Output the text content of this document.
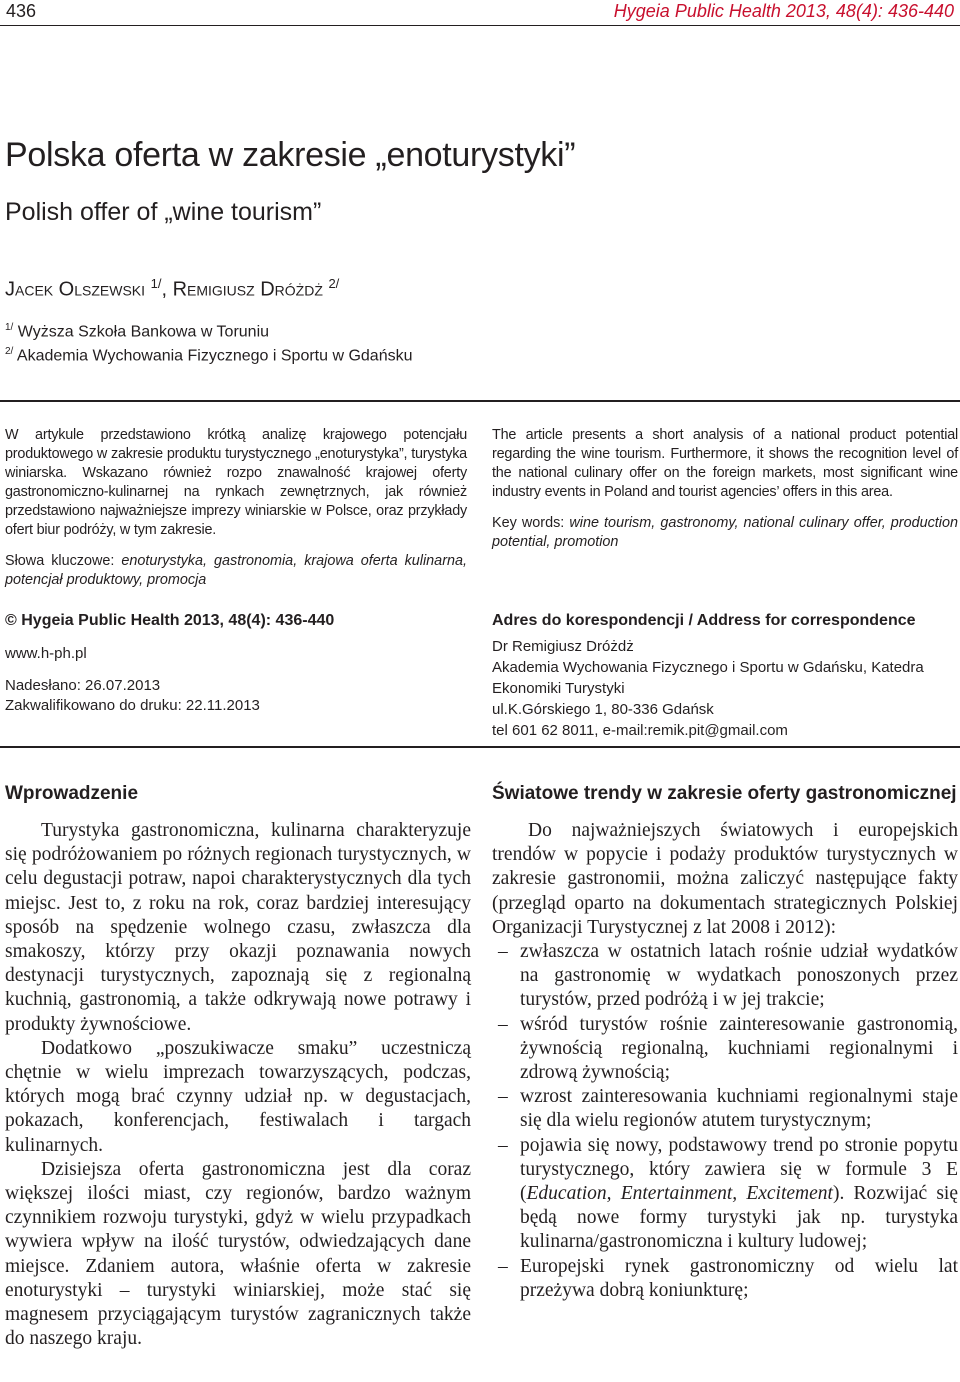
436	Hygeia Public Health 2013, 48(4): 436-440
Polska oferta w zakresie „enoturystyki”
Polish offer of „wine tourism”
Jacek Olszewski $^{1/}$, Remigiusz Dróżdż $^{2/}$
$^{1/}$ Wyższa Szkoła Bankowa w Toruniu
$^{2/}$ Akademia Wychowania Fizycznego i Sportu w Gdańsku

W artykule przedstawiono krótką analizę krajowego potencjału produktowego w zakresie produktu turystycznego „enoturystyka”, turystyka winiarska. Wskazano również rozpo znawalność krajowej oferty gastronomiczno-kulinarnej na rynkach zewnętrznych, jak również przedstawiono najważniejsze imprezy winiarskie w Polsce, oraz przykłady ofert biur podróży, w tym zakresie.

Słowa kluczowe: enoturystyka, gastronomia, krajowa oferta kulinarna, potencjał produktowy, promocja

The article presents a short analysis of a national product potential regarding the wine tourism. Furthermore, it shows the recognition level of the national culinary offer on the foreign markets, most significant wine industry events in Poland and tourist agencies’ offers in this area.

Key words: wine tourism, gastronomy, national culinary offer, production potential, promotion

© Hygeia Public Health 2013, 48(4): 436-440
www.h-ph.pl
Nadesłano: 26.07.2013
Zakwalifikowano do druku: 22.11.2013
Adres do korespondencji / Address for correspondence
Dr Remigiusz Dróżdż
Akademia Wychowania Fizycznego i Sportu w Gdańsku, Katedra Ekonomiki Turystyki
ul.K.Górskiego 1, 80-336 Gdańsk
tel 601 62 8011, e-mail:remik.pit@gmail.com
Wprowadzenie

Turystyka gastronomiczna, kulinarna charakteryzuje się podróżowaniem po różnych regionach turystycznych, w celu degustacji potraw, napoi charakterystycznych dla tych miejsc. Jest to, z roku na rok, coraz bardziej interesujący sposób na spędzenie wolnego czasu, zwłaszcza dla smakoszy, którzy przy okazji poznawania nowych destynacji turystycznych, zapoznają się z regionalną kuchnią, gastronomią, a także odkrywają nowe potrawy i produkty żywnościowe.

Dodatkowo „poszukiwacze smaku” uczestniczą chętnie w wielu imprezach towarzyszących, podczas, których mogą brać czynny udział np. w degustacjach, pokazach, konferencjach, festiwalach i targach kulinarnych.

Dzisiejsza oferta gastronomiczna jest dla coraz większej ilości miast, czy regionów, bardzo ważnym czynnikiem rozwoju turystyki, gdyż w wielu przypadkach wywiera wpływ na ilość turystów, odwiedzających dane miejsce. Zdaniem autora, właśnie oferta w zakresie enoturystyki – turystyki winiarskiej, może stać się magnesem przyciągającym turystów zagranicznych także do naszego kraju.

Światowe trendy w zakresie oferty gastronomicznej

Do najważniejszych światowych i europejskich trendów w popycie i podaży produktów turystycznych w zakresie gastronomii, można zaliczyć następujące fakty (przegląd oparto na dokumentach strategicznych Polskiej Organizacji Turystycznej z lat 2008 i 2012):

– zwłaszcza w ostatnich latach rośnie udział wydatków na gastronomię w wydatkach ponoszonych przez turystów, przed podróżą i w jej trakcie;
– wśród turystów rośnie zainteresowanie gastronomią, żywnością regionalną, kuchniami regionalnymi i zdrową żywnością;
– wzrost zainteresowania kuchniami regionalnymi staje się dla wielu regionów atutem turystycznym;
– pojawia się nowy, podstawowy trend po stronie popytu turystycznego, który zawiera się w formule 3 E (Education, Entertainment, Excitement). Rozwijać się będą nowe formy turystyki jak np. turystyka kulinarna/gastronomiczna i kultury ludowej;
– Europejski rynek gastronomiczny od wielu lat przeżywa dobrą koniunkturę;
